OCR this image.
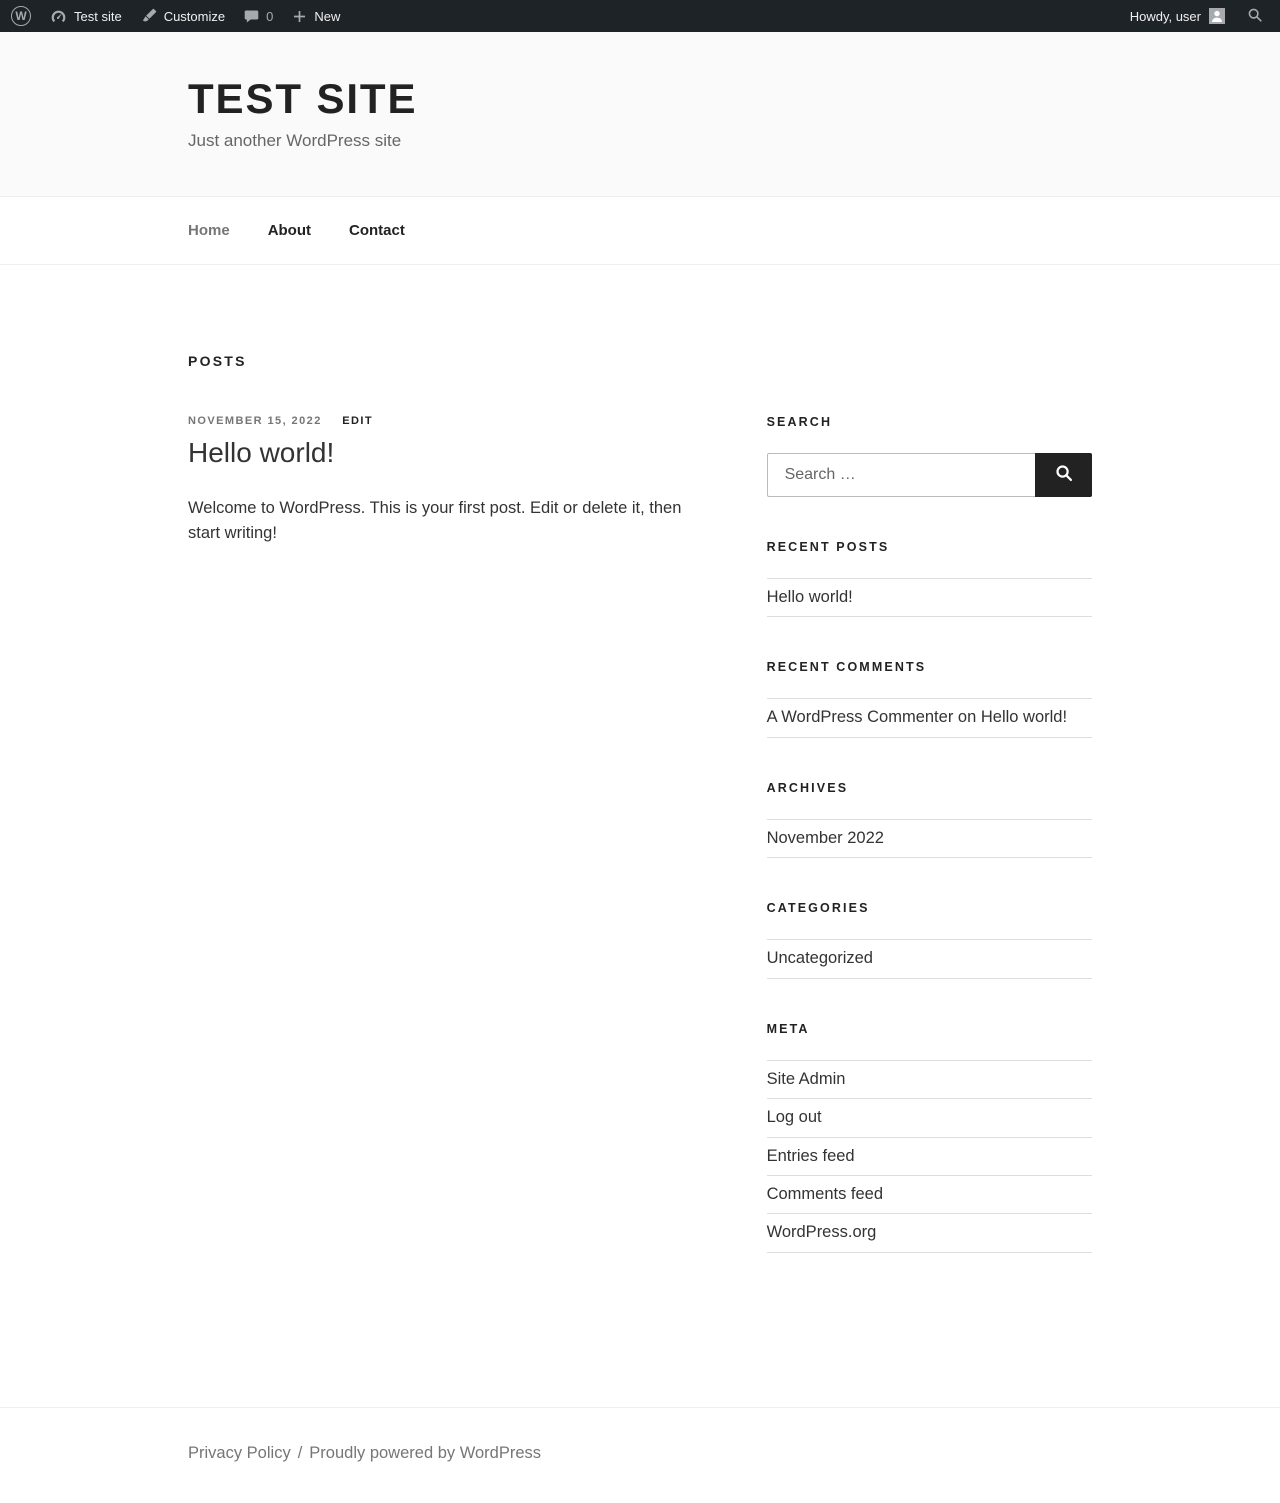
W	Test site	Customize	0	New	Howdy, user
TEST SITE

Just another WordPress site

Home	About	Contact
POSTS
NOVEMBER 15, 2022 EDIT
Hello world!

Welcome to WordPress. This is your first post. Edit or delete it, then start writing!

SEARCH
Search …
RECENT POSTS
Hello world!
RECENT COMMENTS
A WordPress Commenter on Hello world!
ARCHIVES
November 2022
CATEGORIES
Uncategorized
META
Site Admin
Log out
Entries feed
Comments feed
WordPress.org
Privacy Policy / Proudly powered by WordPress
